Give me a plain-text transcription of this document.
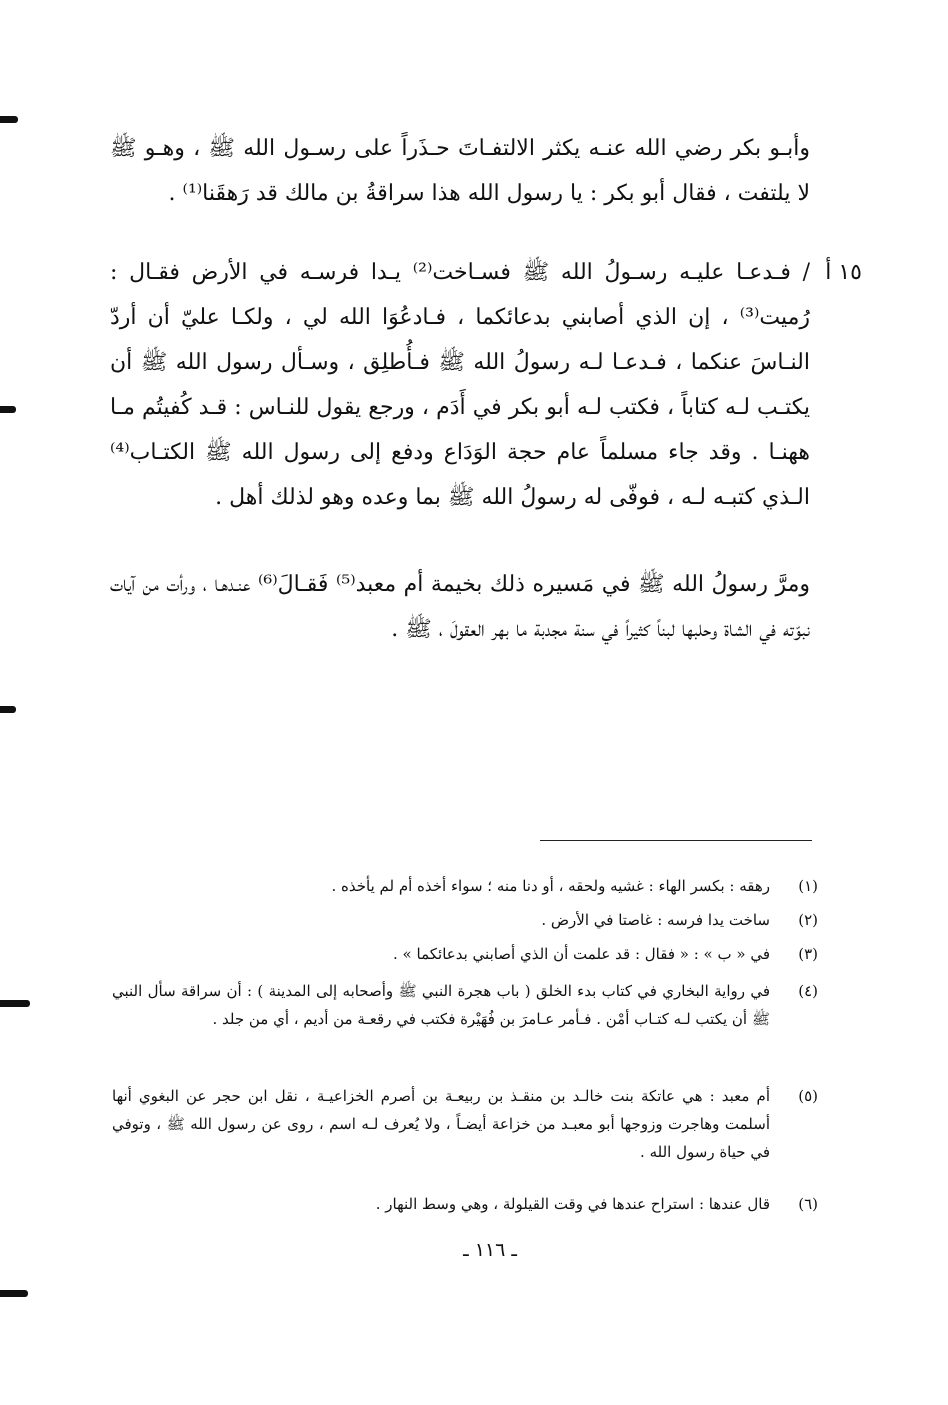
وأبـو بكر رضي الله عنـه يكثر الالتفـاتَ حـذَراً على رسـول الله ﷺ ، وهـو ﷺ لا يلتفت ، فقال أبو بكر : يا رسول الله هذا سراقةُ بن مالك قد رَهقَنا⁽¹⁾ .
١٥ أ
/ فـدعـا عليـه رسـولُ الله ﷺ فسـاخت⁽²⁾ يـدا فرسـه في الأرض فقـال : رُميت⁽³⁾ ، إن الذي أصابني بدعائكما ، فـادعُوَا الله لي ، ولكـا عليّ أن أردّ النـاسَ عنكما ، فـدعـا لـه رسولُ الله ﷺ فـأُطلِق ، وسـأل رسول الله ﷺ أن يكتـب لـه كتاباً ، فكتب لـه أبو بكر في أَدَم ، ورجع يقول للنـاس : قـد كُفيتُم مـا ههنـا . وقد جاء مسلماً عام حجة الوَدَاع ودفع إلى رسول الله ﷺ الكتـاب⁽⁴⁾ الـذي كتبـه لـه ، فوفّى له رسولُ الله ﷺ بما وعده وهو لذلك أهل .
ومرَّ رسولُ الله ﷺ في مَسيره ذلك بخيمة أم معبد⁽⁵⁾ فَقـالَ⁽⁶⁾ عنـدهـا ، ورأت من آيات نبوّته في الشاة وحلبها لبناً كثيراً في سنة مجدبة ما بهر العقولَ ، ﷺ .
(١)
رهقه : بكسر الهاء : غشيه ولحقه ، أو دنا منه ؛ سواء أخذه أم لم يأخذه .
(٢)
ساخت يدا فرسه : غاصتا في الأرض .
(٣)
في « ب » : « فقال : قد علمت أن الذي أصابني بدعائكما » .
(٤)
في رواية البخاري في كتاب بدء الخلق ( باب هجرة النبي ﷺ وأصحابه إلى المدينة ) : أن سراقة سأل النبي ﷺ أن يكتب لـه كتـاب أمْن . فـأمر عـامرَ بن فُهَيْرة فكتب في رقعـة من أديم ، أي من جلد .
(٥)
أم معبد : هي عاتكة بنت خالـد بن منقـذ بن ربيعـة بن أصرم الخزاعيـة ، نقل ابن حجر عن البغوي أنها أسلمت وهاجرت وزوجها أبو معبـد من خزاعة أيضـاً ، ولا يُعرف لـه اسم ، روى عن رسول الله ﷺ ، وتوفي في حياة رسول الله .
(٦)
قال عندها : استراح عندها في وقت القيلولة ، وهي وسط النهار .
ـ ١١٦ ـ
